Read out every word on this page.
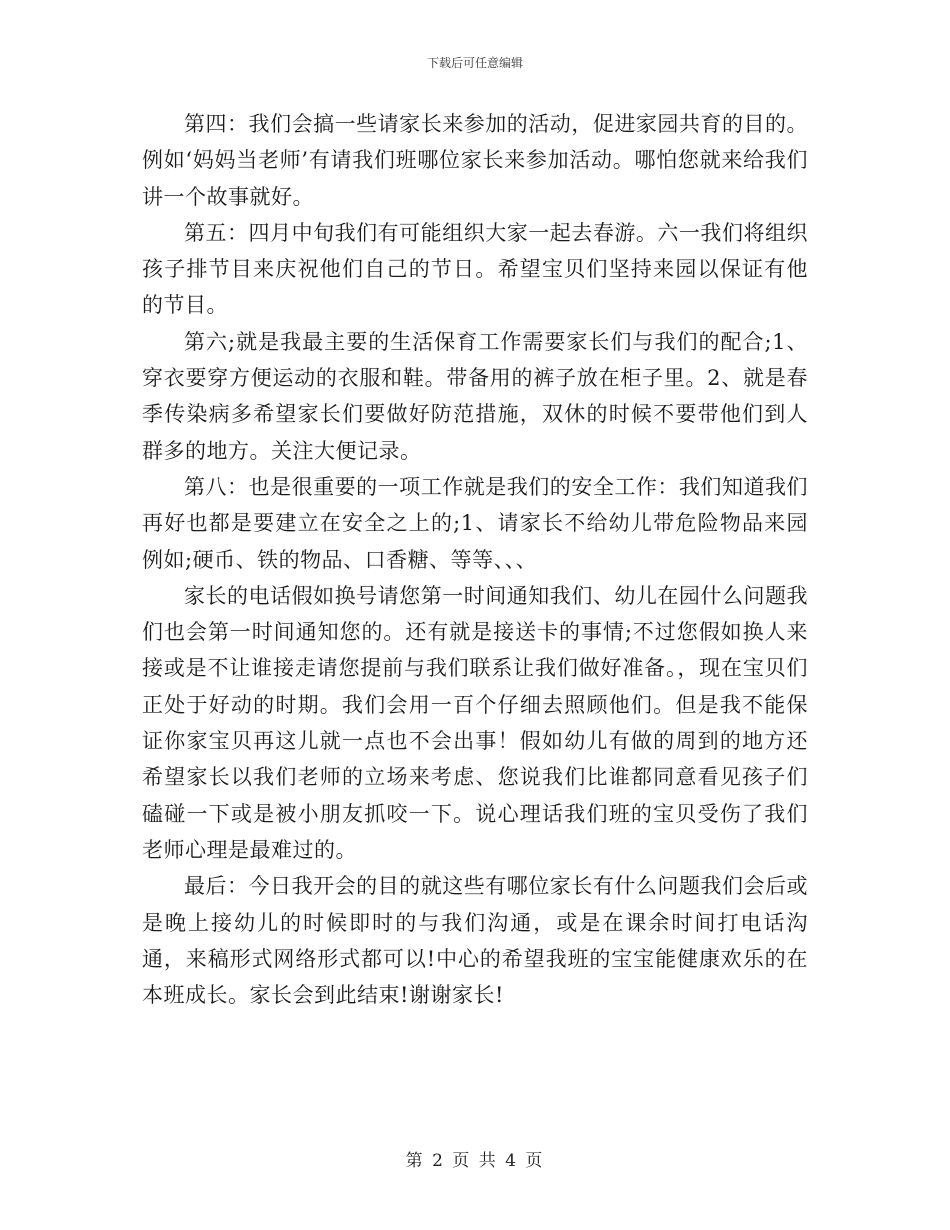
下载后可任意编辑

第四：我们会搞一些请家长来参加的活动，促进家园共育的目的。例如‘妈妈当老师’有请我们班哪位家长来参加活动。哪怕您就来给我们讲一个故事就好。

第五：四月中旬我们有可能组织大家一起去春游。六一我们将组织孩子排节目来庆祝他们自己的节日。希望宝贝们坚持来园以保证有他的节目。

第六;就是我最主要的生活保育工作需要家长们与我们的配合;1、穿衣要穿方便运动的衣服和鞋。带备用的裤子放在柜子里。2、就是春季传染病多希望家长们要做好防范措施，双休的时候不要带他们到人群多的地方。关注大便记录。

第八：也是很重要的一项工作就是我们的安全工作：我们知道我们再好也都是要建立在安全之上的;1、请家长不给幼儿带危险物品来园例如;硬币、铁的物品、口香糖、等等、、、

家长的电话假如换号请您第一时间通知我们、幼儿在园什么问题我们也会第一时间通知您的。还有就是接送卡的事情;不过您假如换人来接或是不让谁接走请您提前与我们联系让我们做好准备。，现在宝贝们正处于好动的时期。我们会用一百个仔细去照顾他们。但是我不能保证你家宝贝再这儿就一点也不会出事！假如幼儿有做的周到的地方还希望家长以我们老师的立场来考虑、您说我们比谁都同意看见孩子们磕碰一下或是被小朋友抓咬一下。说心理话我们班的宝贝受伤了我们老师心理是最难过的。

最后：今日我开会的目的就这些有哪位家长有什么问题我们会后或是晚上接幼儿的时候即时的与我们沟通，或是在课余时间打电话沟通，来稿形式网络形式都可以!中心的希望我班的宝宝能健康欢乐的在本班成长。家长会到此结束!谢谢家长!

第 2 页 共 4 页
